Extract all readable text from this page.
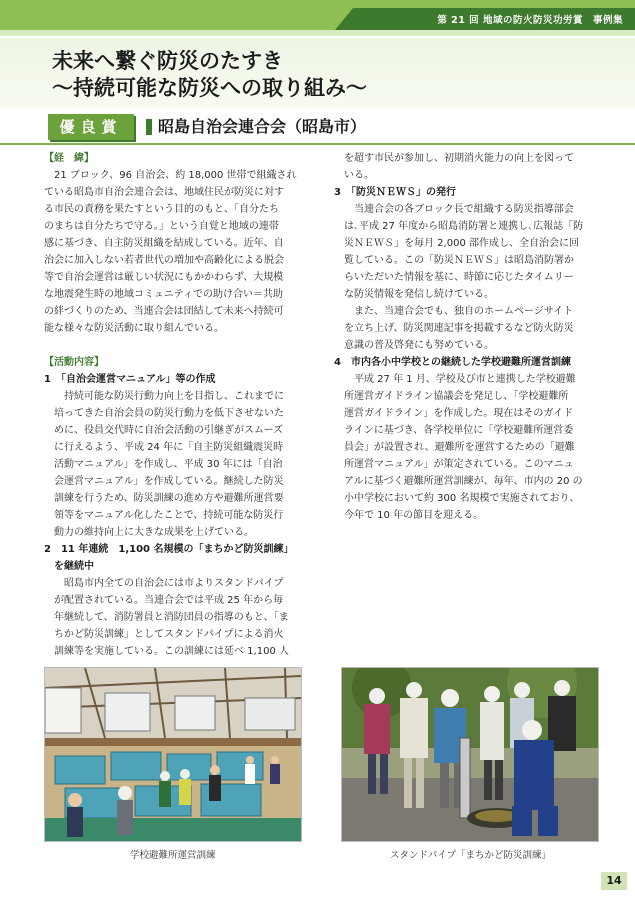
第 21 回 地域の防火防災功労賞　事例集
未来へ繋ぐ防災のたすき
〜持続可能な防災への取り組み〜
優良賞	昭島自治会連合会（昭島市）

【経　緯】

21 ブロック、96 自治会、約 18,000 世帯で組織され

ている昭島市自治会連合会は、地域住民が防災に対す

る市民の責務を果たすという目的のもと、「自分たち

のまちは自分たちで守る。」という自覚と地域の連帯

感に基づき、自主防災組織を結成している。近年、自

治会に加入しない若者世代の増加や高齢化による脱会

等で自治会運営は厳しい状況にもかかわらず、大規模

な地震発生時の地域コミュニティでの助け合い＝共助

の絆づくりのため、当連合会は団結して未来へ持続可

能な様々な防災活動に取り組んでいる。

【活動内容】

1　「自治会運営マニュアル」等の作成

持続可能な防災行動力向上を目指し、これまでに

培ってきた自治会員の防災行動力を低下させないた

めに、役員交代時に自治会活動の引継ぎがスムーズ

に行えるよう、平成 24 年に「自主防災組織震災時

活動マニュアル」を作成し、平成 30 年には「自治

会運営マニュアル」を作成している。継続した防災

訓練を行うため、防災訓練の進め方や避難所運営要

領等をマニュアル化したことで、持続可能な防災行

動力の維持向上に大きな成果を上げている。

2　11 年連続　1,100 名規模の「まちかど防災訓練」

を継続中

昭島市内全ての自治会には市よりスタンドパイプ

が配置されている。当連合会では平成 25 年から毎

年継続して、消防署員と消防団員の指導のもと、「ま

ちかど防災訓練」としてスタンドパイプによる消火

訓練等を実施している。この訓練には延べ 1,100 人

を超す市民が参加し、初期消火能力の向上を図って

いる。

3　「防災ＮＥＷＳ」の発行

当連合会の各ブロック長で組織する防災指導部会

は､平成 27 年度から昭島消防署と連携し､広報誌「防

災ＮＥＷＳ」を毎月 2,000 部作成し、全自治会に回

覧している。この「防災ＮＥＷＳ」は昭島消防署か

らいただいた情報を基に、時節に応じたタイムリー

な防災情報を発信し続けている。

また、当連合会でも、独自のホームページサイト

を立ち上げ、防災関連記事を掲載するなど防火防災

意識の普及啓発にも努めている。

4　市内各小中学校との継続した学校避難所運営訓練

平成 27 年 1 月、学校及び市と連携した学校避難

所運営ガイドライン協議会を発足し、「学校避難所

運営ガイドライン」を作成した。現在はそのガイド

ラインに基づき、各学校単位に「学校避難所運営委

員会」が設置され、避難所を運営するための「避難

所運営マニュアル」が策定されている。このマニュ

アルに基づく避難所運営訓練が、毎年、市内の 20 の

小中学校において約 300 名規模で実施されており、

今年で 10 年の節目を迎える。

学校避難所運営訓練	スタンドパイプ「まちかど防災訓練」
14
